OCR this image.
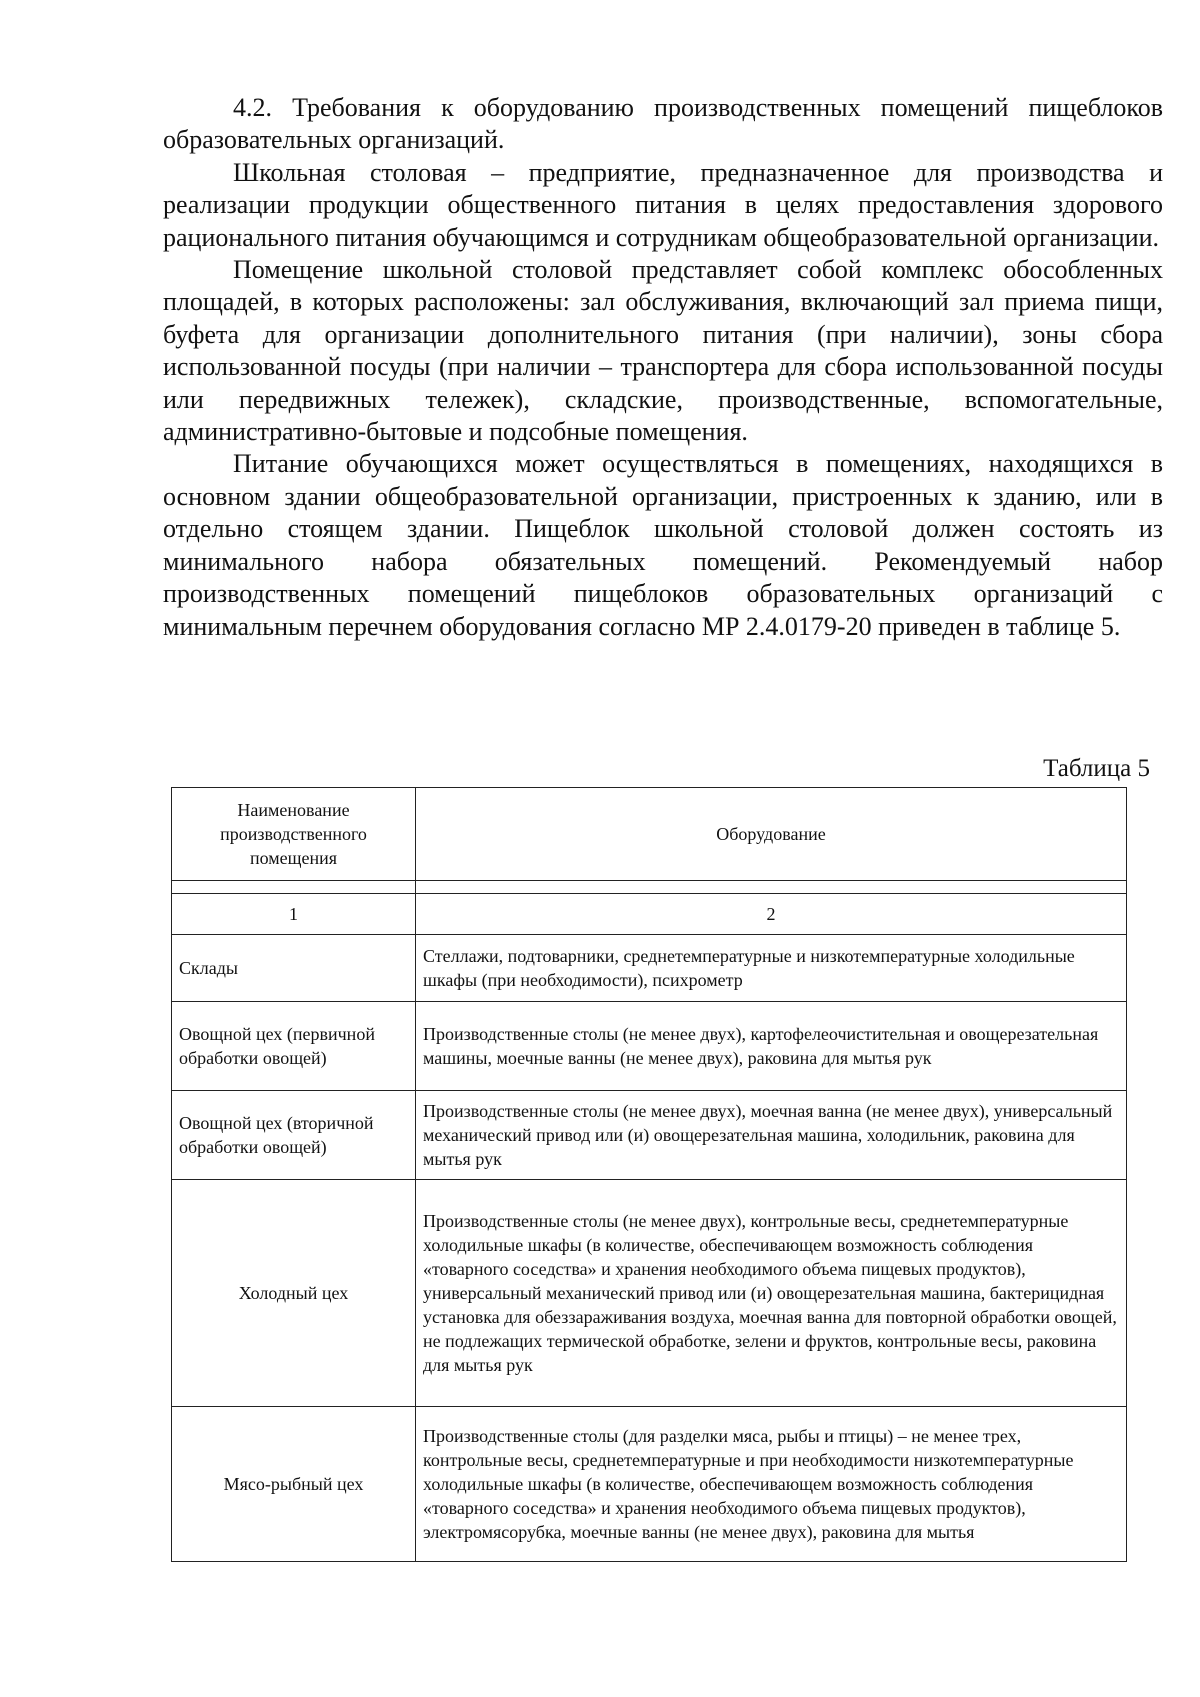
4.2. Требования к оборудованию производственных помещений пищеблоков образовательных организаций.

Школьная столовая – предприятие, предназначенное для производства и реализации продукции общественного питания в целях предоставления здорового рационального питания обучающимся и сотрудникам общеобразовательной организации.

Помещение школьной столовой представляет собой комплекс обособленных площадей, в которых расположены: зал обслуживания, включающий зал приема пищи, буфета для организации дополнительного питания (при наличии), зоны сбора использованной посуды (при наличии – транспортера для сбора использованной посуды или передвижных тележек), складские, производственные, вспомогательные, административно-бытовые и подсобные помещения.

Питание обучающихся может осуществляться в помещениях, находящихся в основном здании общеобразовательной организации, пристроенных к зданию, или в отдельно стоящем здании. Пищеблок школьной столовой должен состоять из минимального набора обязательных помещений. Рекомендуемый набор производственных помещений пищеблоков образовательных организаций с минимальным перечнем оборудования согласно МР 2.4.0179-20 приведен в таблице 5.

Таблица 5
Наименование производственного помещения	Оборудование

1	2
Склады	Стеллажи, подтоварники, среднетемпературные и низкотемпературные холодильные шкафы (при необходимости), психрометр
Овощной цех (первичной обработки овощей)	Производственные столы (не менее двух), картофелеочистительная и овощерезательная машины, моечные ванны (не менее двух), раковина для мытья рук
Овощной цех (вторичной обработки овощей)	Производственные столы (не менее двух), моечная ванна (не менее двух), универсальный механический привод или (и) овощерезательная машина, холодильник, раковина для мытья рук
Холодный цех	Производственные столы (не менее двух), контрольные весы, среднетемпературные холодильные шкафы (в количестве, обеспечивающем возможность соблюдения «товарного соседства» и хранения необходимого объема пищевых продуктов), универсальный механический привод или (и) овощерезательная машина, бактерицидная установка для обеззараживания воздуха, моечная ванна для повторной обработки овощей, не подлежащих термической обработке, зелени и фруктов, контрольные весы, раковина для мытья рук
Мясо-рыбный цех	Производственные столы (для разделки мяса, рыбы и птицы) – не менее трех, контрольные весы, среднетемпературные и при необходимости низкотемпературные холодильные шкафы (в количестве, обеспечивающем возможность соблюдения «товарного соседства» и хранения необходимого объема пищевых продуктов), электромясорубка, моечные ванны (не менее двух), раковина для мытья
